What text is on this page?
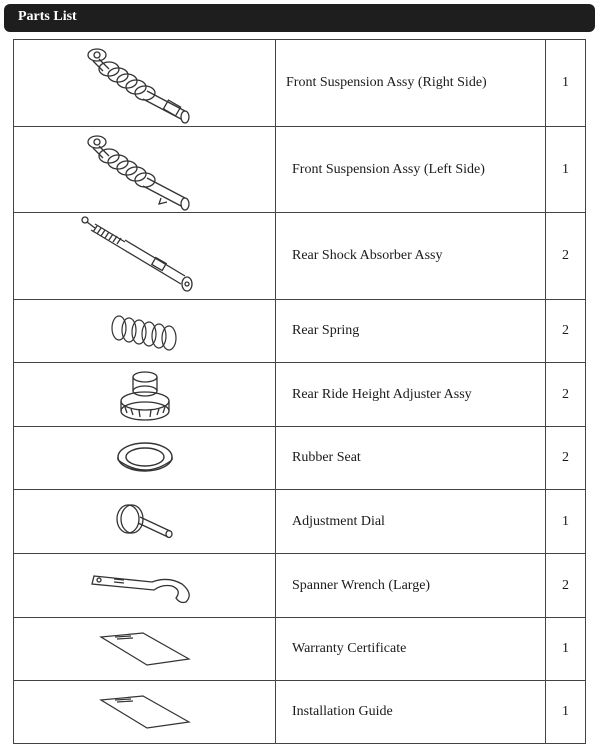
Parts List

Front Suspension Assy (Right Side)	1

Front Suspension Assy (Left Side)	1

Rear Shock Absorber Assy	2

Rear Spring	2

Rear Ride Height Adjuster Assy	2

Rubber Seat	2

Adjustment Dial	1

Spanner Wrench (Large)	2

Warranty Certificate	1

Installation Guide	1
